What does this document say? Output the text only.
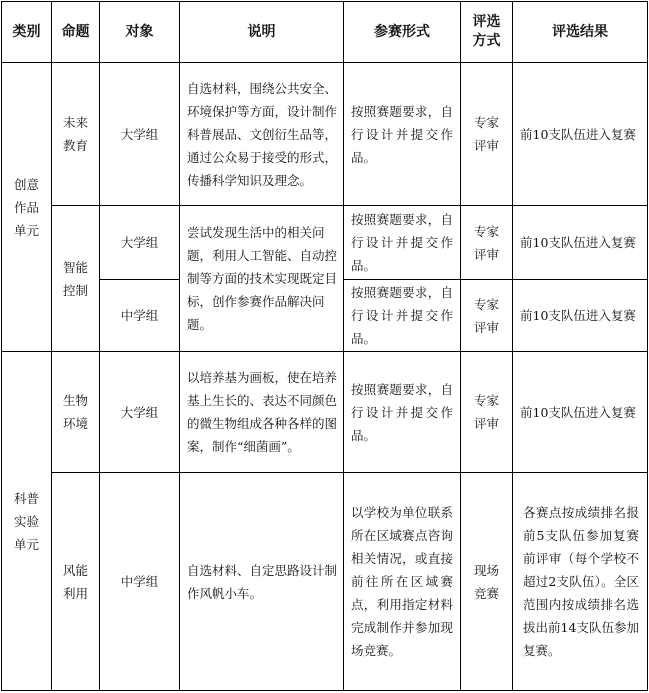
类别	命题	对象	说明	参赛形式	评选方式	评选结果
创意作品单元	未来教育	大学组	自选材料，围绕公共安全、环境保护等方面，设计制作科普展品、文创衍生品等，通过公众易于接受的形式，传播科学知识及理念。	按照赛题要求，自行设计并提交作品。	专家评审	前10支队伍进入复赛
	智能控制	大学组	尝试发现生活中的相关问题，利用人工智能、自动控制等方面的技术实现既定目标，创作参赛作品解决问题。	按照赛题要求，自行设计并提交作品。	专家评审	前10支队伍进入复赛
		中学组		按照赛题要求，自行设计并提交作品。	专家评审	前10支队伍进入复赛
科普实验单元	生物环境	大学组	以培养基为画板，使在培养基上生长的、表达不同颜色的微生物组成各种各样的图案，制作“细菌画”。	按照赛题要求，自行设计并提交作品。	专家评审	前10支队伍进入复赛
	风能利用	中学组	自选材料、自定思路设计制作风帆小车。	以学校为单位联系所在区域赛点咨询相关情况，或直接前往所在区域赛点，利用指定材料完成制作并参加现场竞赛。	现场竞赛	各赛点按成绩排名报前5支队伍参加复赛前评审（每个学校不超过2支队伍）。全区范围内按成绩排名选拔出前14支队伍参加复赛。
